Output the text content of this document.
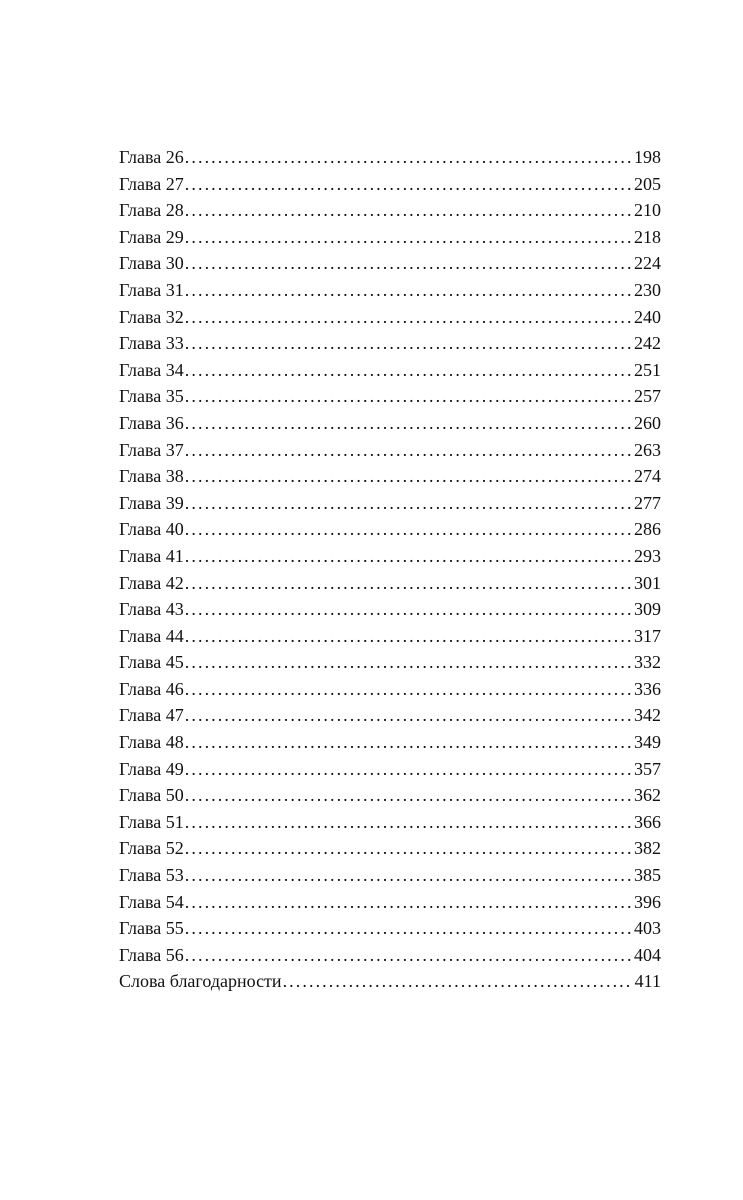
Глава 26 . . .	198
Глава 27 . . .	205
Глава 28 . . .	210
Глава 29 . . .	218
Глава 30 . . .	224
Глава 31 . . .	230
Глава 32 . . .	240
Глава 33 . . .	242
Глава 34 . . .	251
Глава 35 . . .	257
Глава 36 . . .	260
Глава 37 . . .	263
Глава 38 . . .	274
Глава 39 . . .	277
Глава 40 . . .	286
Глава 41 . . .	293
Глава 42 . . .	301
Глава 43 . . .	309
Глава 44 . . .	317
Глава 45 . . .	332
Глава 46 . . .	336
Глава 47 . . .	342
Глава 48 . . .	349
Глава 49 . . .	357
Глава 50 . . .	362
Глава 51 . . .	366
Глава 52 . . .	382
Глава 53 . . .	385
Глава 54 . . .	396
Глава 55 . . .	403
Глава 56 . . .	404
Слова благодарности . . .	411
